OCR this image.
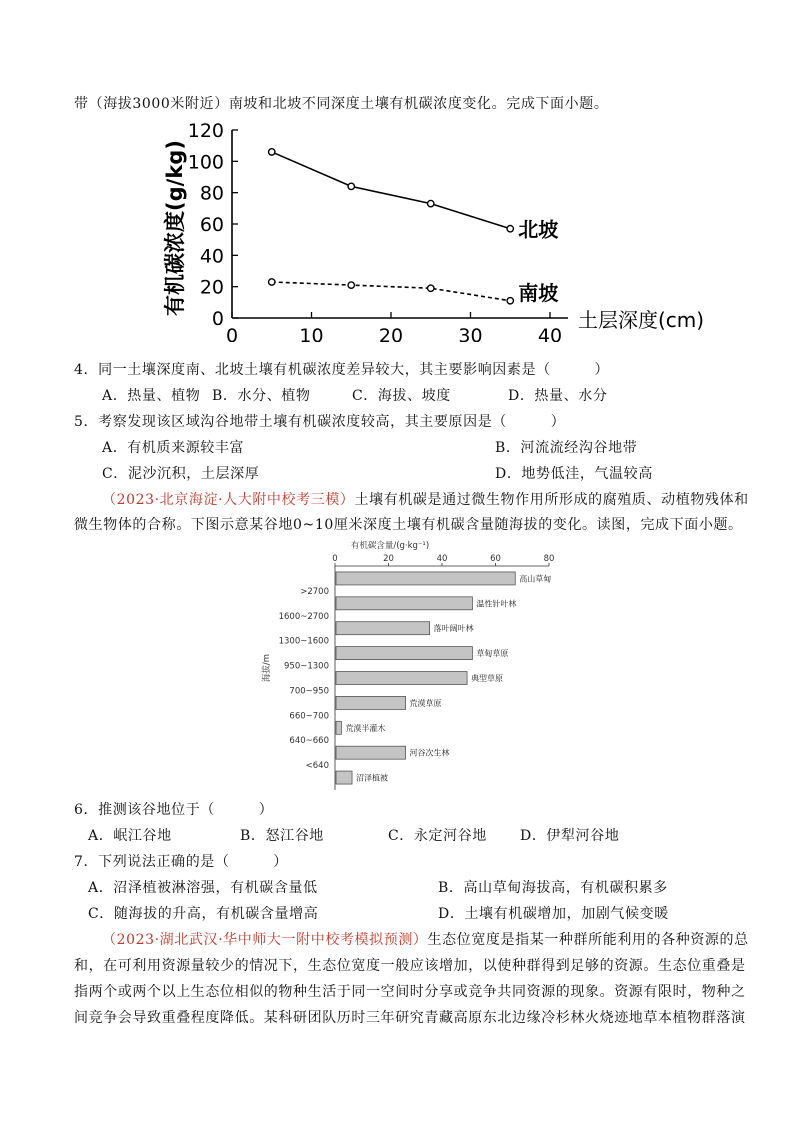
带（海拔3000米附近）南坡和北坡不同深度土壤有机碳浓度变化。完成下面小题。
0
20
40
60
80
100
120
0	10	20	30	40
北坡
南坡
有机碳浓度(g/kg)
土层深度(cm)
4．同一土壤深度南、北坡土壤有机碳浓度差异较大，其主要影响因素是（　　　）
A．热量、植物 B．水分、植物	C．海拔、坡度	D．热量、水分
5．考察发现该区域沟谷地带土壤有机碳浓度较高，其主要原因是（　　　）
A．有机质来源较丰富	B．河流流经沟谷地带
C．泥沙沉积，土层深厚	D．地势低洼，气温较高
（2023·北京海淀·人大附中校考三模）土壤有机碳是通过微生物作用所形成的腐殖质、动植物残体和
微生物体的合称。下图示意某谷地0~10厘米深度土壤有机碳含量随海拔的变化。读图，完成下面小题。
有机碳含量/(g·kg⁻¹)
0	20	40	60	80
>2700
1600~2700
1300~1600
950~1300
700~950
660~700
640~660
<640
高山草甸
温性针叶林
落叶阔叶林
草甸草原
典型草原
荒漠草原
荒漠半灌木
河谷次生林
沼泽植被
海拔/m
6．推测该谷地位于（　　　）
A．岷江谷地	B．怒江谷地	C．永定河谷地 D．伊犁河谷地
7．下列说法正确的是（　　　）
A．沼泽植被淋溶强，有机碳含量低	B．高山草甸海拔高，有机碳积累多
C．随海拔的升高，有机碳含量增高	D．土壤有机碳增加，加剧气候变暖
（2023·湖北武汉·华中师大一附中校考模拟预测）生态位宽度是指某一种群所能利用的各种资源的总
和，在可利用资源量较少的情况下，生态位宽度一般应该增加，以使种群得到足够的资源。生态位重叠是
指两个或两个以上生态位相似的物种生活于同一空间时分享或竞争共同资源的现象。资源有限时，物种之
间竞争会导致重叠程度降低。某科研团队历时三年研究青藏高原东北边缘冷杉林火烧迹地草本植物群落演
